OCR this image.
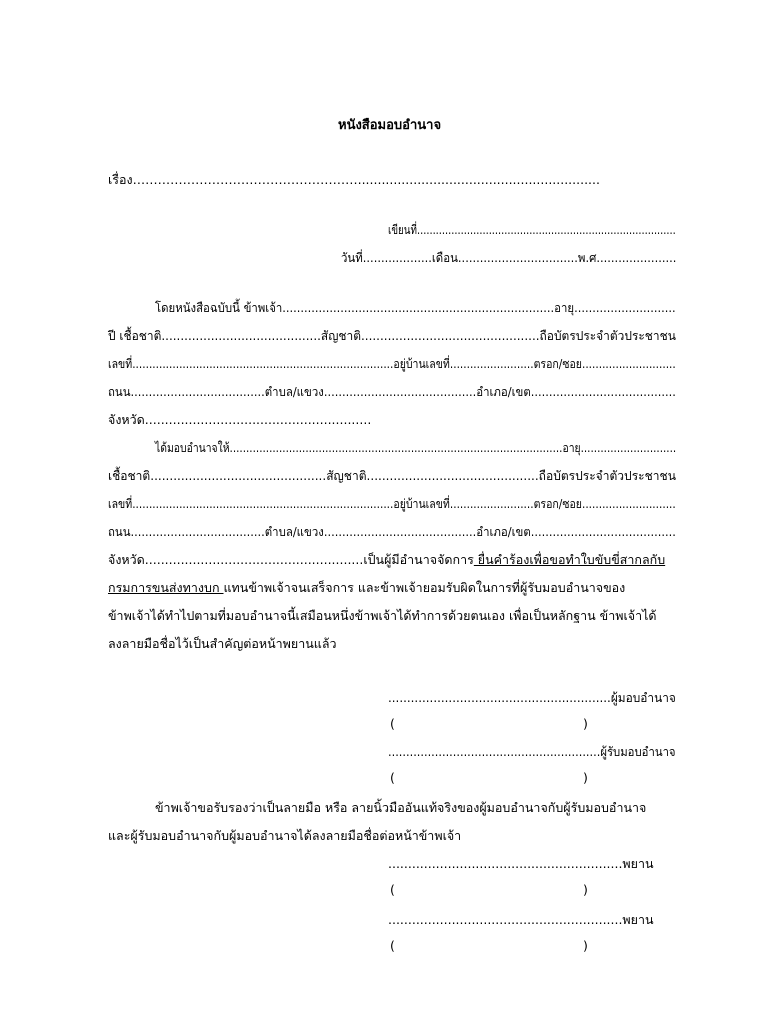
หนังสือมอบอำนาจ
เรื่อง……………………………………………….............................................................
เขียนที่...................................................................................
วันที่...................เดือน.................................พ.ศ......................
โดยหนังสือฉบับนี้ ข้าพเจ้า...........................................................................อายุ............................
ปี เชื้อชาติ..........................................สัญชาติ...............................................ถือบัตรประจำตัวประชาชน
เลขที่..............................................................................อยู่บ้านเลขที่.........................ตรอก/ซอย............................
ถนน.....................................ตำบล/แขวง..........................................อำเภอ/เขต........................................
จังหวัด.........................................................
ได้มอบอำนาจให้.....................................................................................................อายุ.............................
เชื้อชาติ..............................................สัญชาติ.............................................ถือบัตรประจำตัวประชาชน
เลขที่..............................................................................อยู่บ้านเลขที่.........................ตรอก/ซอย............................
ถนน.....................................ตำบล/แขวง..........................................อำเภอ/เขต........................................
จังหวัด.......................................................เป็นผู้มีอำนาจจัดการ ยื่นคำร้องเพื่อขอทำใบขับขี่สากลกับ
กรมการขนส่งทางบก แทนข้าพเจ้าจนเสร็จการ และข้าพเจ้ายอมรับผิดในการที่ผู้รับมอบอำนาจของ
ข้าพเจ้าได้ทำไปตามที่มอบอำนาจนี้เสมือนหนึ่งข้าพเจ้าได้ทำการด้วยตนเอง เพื่อเป็นหลักฐาน ข้าพเจ้าได้
ลงลายมือชื่อไว้เป็นสำคัญต่อหน้าพยานแล้ว
...........................................................ผู้มอบอำนาจ
(	)
...........................................................ผู้รับมอบอำนาจ
(	)
ข้าพเจ้าขอรับรองว่าเป็นลายมือ หรือ ลายนิ้วมืออันแท้จริงของผู้มอบอำนาจกับผู้รับมอบอำนาจ
และผู้รับมอบอำนาจกับผู้มอบอำนาจได้ลงลายมือชื่อต่อหน้าข้าพเจ้า
...........................................................พยาน
(	)
...........................................................พยาน
(	)
